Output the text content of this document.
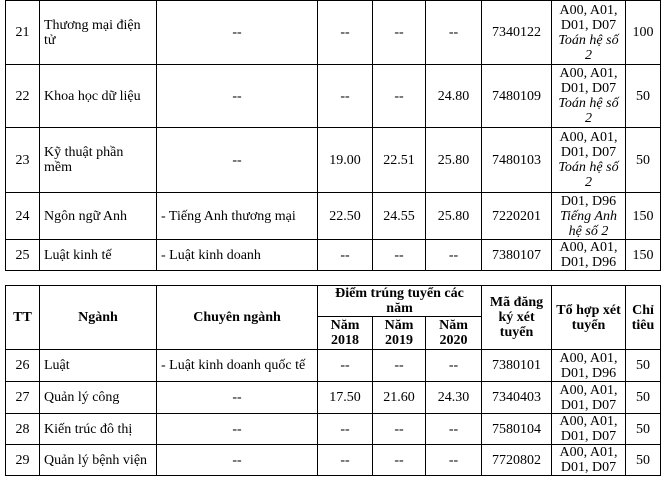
21	Thương mại điện tử	--	--	--	--	7340122	A00, A01,
D01, D07
Toán hệ số
2	100
22	Khoa học dữ liệu	--	--	--	24.80	7480109	A00, A01,
D01, D07
Toán hệ số
2	50
23	Kỹ thuật phần mềm	--	19.00	22.51	25.80	7480103	A00, A01,
D01, D07
Toán hệ số
2	50
24	Ngôn ngữ Anh	- Tiếng Anh thương mại	22.50	24.55	25.80	7220201	D01, D96
Tiếng Anh
hệ số 2	150
25	Luật kinh tế	- Luật kinh doanh	--	--	--	7380107	A00, A01,
D01, D96	150
TT	Ngành	Chuyên ngành	Điểm trúng tuyển các năm			Mã đăng ký xét tuyển	Tổ hợp xét tuyển	Chỉ tiêu
			Năm 2018	Năm 2019	Năm 2020			
26	Luật	- Luật kinh doanh quốc tế	--	--	--	7380101	A00, A01,
D01, D96	50
27	Quản lý công	--	17.50	21.60	24.30	7340403	A00, A01,
D01, D07	50
28	Kiến trúc đô thị	--	--	--	--	7580104	A00, A01,
D01, D07	50
29	Quản lý bệnh viện	--	--	--	--	7720802	A00, A01,
D01, D07	50
